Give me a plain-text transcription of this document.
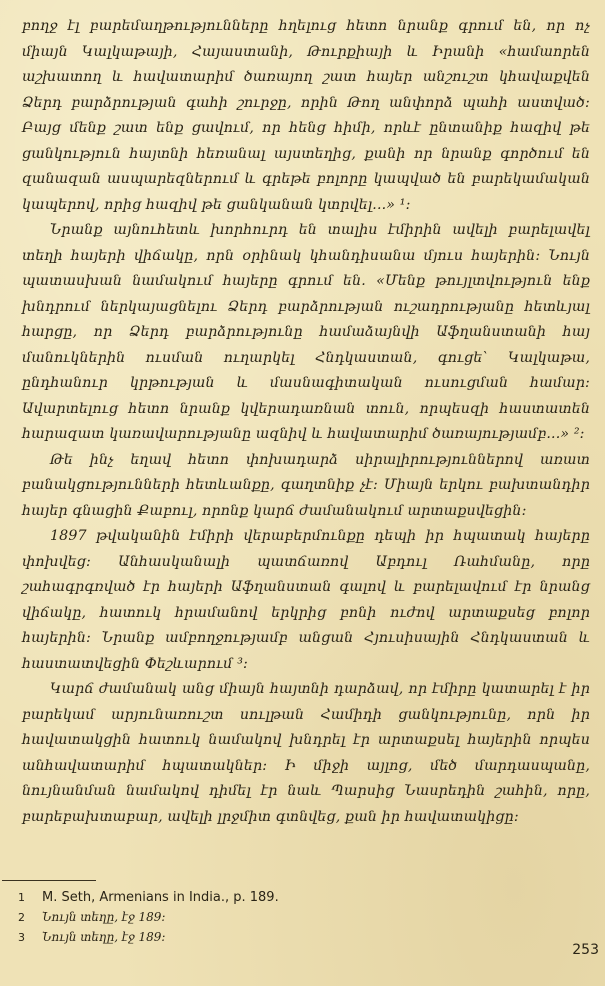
բողջ էլ բարեմաղթությունները հղելուց հետո նրանք գրում են, որ ոչ միայն Կալկաթայի, Հայաստանի, Թուրքիայի և Իրանի «համաորեն աշխատող և հավատարիմ ծառայող շատ հայեր անշուշտ կհավաքվեն Ձերդ բարձրության գահի շուրջը, որին Թող անփորձ պահի աստված։ Բայց մենք շատ ենք ցավում, որ հենց հիմի, որևէ ընտանիք հազիվ թե ցանկություն հայտնի հեռանալ այստեղից, քանի որ նրանք գործում են զանազան ասպարեզներում և գրեթե բոլորը կապված են բարեկամական կապերով, որից հազիվ թե ցանկանան կտրվել...» ¹։

Նրանք այնուհետև խորհուրդ են տալիս էմիրին ավելի բարելավել տեղի հայերի վիճակը, որն օրինակ կհանդիսանա մյուս հայերին։ Նույն պատասխան նամակում հայերը գրում են. «Մենք թույլտվություն ենք խնդրում ներկայացնելու Ձերդ բարձրության ուշադրությանը հետևյալ հարցը, որ Ձերդ բարձրությունը համաձայնվի Աֆղանստանի հայ մանուկներին ուսման ուղարկել Հնդկաստան, գուցե՝ Կալկաթա, ընդհանուր կրթության և մասնագիտական ուսուցման համար։ Ավարտելուց հետո նրանք կվերադառնան տուն, որպեսզի հաստատեն հարազատ կառավարությանը ազնիվ և հավատարիմ ծառայությամբ...» ²։

Թե ինչ եղավ հետո փոխադարձ սիրալիրություններով առատ բանակցությունների հետևանքը, գաղտնիք չէ։ Միայն երկու բախտանդիր հայեր գնացին Քաբուլ, որոնք կարճ ժամանակում արտաքսվեցին։

1897 թվականին էմիրի վերաբերմունքը դեպի իր հպատակ հայերը փոխվեց։ Անհասկանալի պատճառով Աբդուլ Ռահմանը, որը շահագրգռված էր հայերի Աֆղանստան գալով և բարելավում էր նրանց վիճակը, հատուկ հրամանով երկրից բոնի ուժով արտաքսեց բոլոր հայերին։ Նրանք ամբողջությամբ անցան Հյուսիսային Հնդկաստան և հաստատվեցին Փեշևարում ³։

Կարճ ժամանակ անց միայն հայտնի դարձավ, որ էմիրը կատարել է իր բարեկամ արյունառուշտ սուլթան Համիդի ցանկությունը, որն իր հավատակցին հատուկ նամակով խնդրել էր արտաքսել հայերին որպես անհավատարիմ հպատակներ։ Ի միջի այլոց, մեծ մարդասպանը, նույնանման նամակով դիմել էր նաև Պարսից Նասրեդին շահին, որը, բարեբախտաբար, ավելի լրջմիտ գտնվեց, քան իր հավատակիցը։

1	M. Seth, Armenians in India., p. 189.

2	Նույն տեղը, էջ 189։

3	Նույն տեղը, էջ 189։

253
